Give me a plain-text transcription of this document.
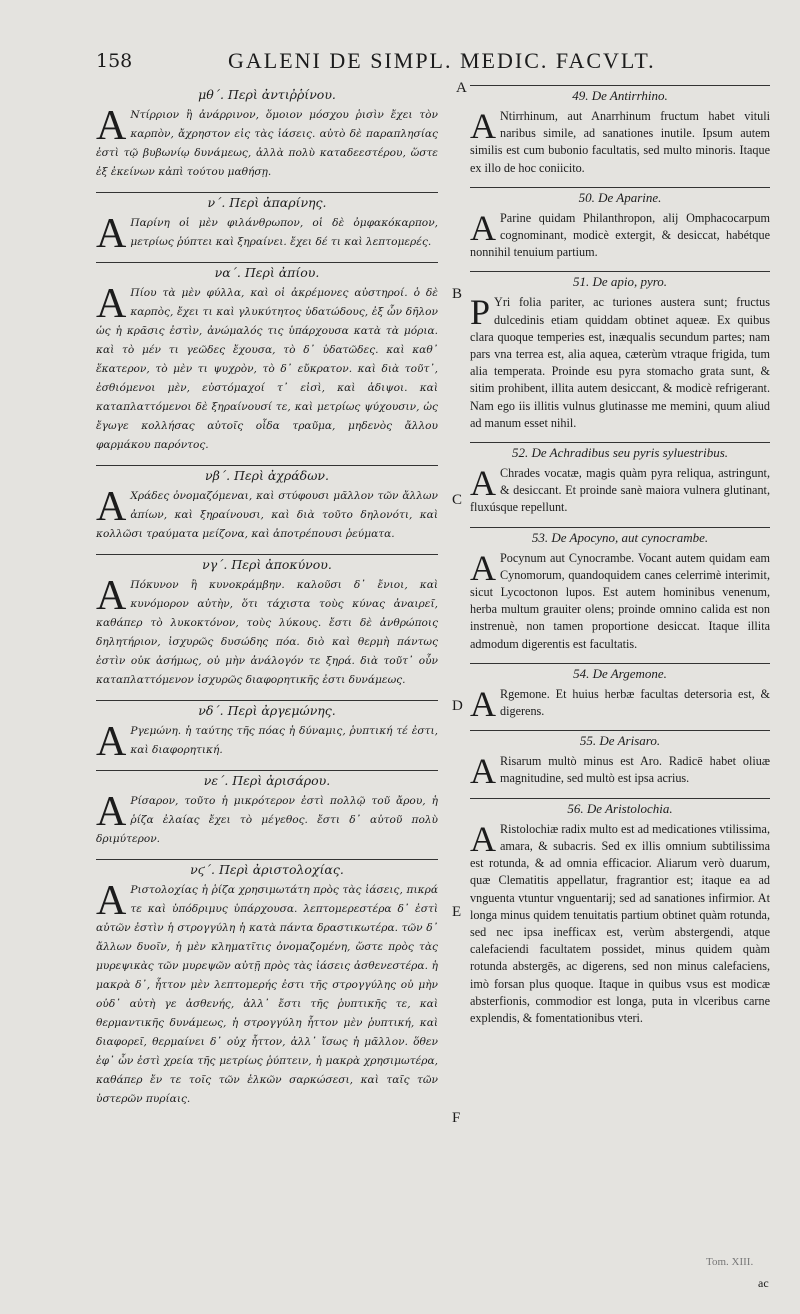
158	GALENI DE SIMPL. MEDIC. FACVLT.
A
B
C
D
E
F
μθ΄. Περὶ ἀντιῤῥίνου.
Α Ντίρριον ἢ ἀνάρρινον, ὅμοιον μόσχου ῥισὶν ἔχει τὸν καρπὸν, ἄχρηστον εἰς τὰς ἰάσεις. αὐτὸ δὲ παραπλησίας ἐστὶ τῷ βυβωνίῳ δυνάμεως, ἀλλὰ πολὺ καταδεεστέρου, ὥστε ἐξ ἐκείνων κἀπὶ τούτου μαθήσῃ.
ν΄. Περὶ ἀπαρίνης.
Α Παρίνη οἱ μὲν φιλάνθρωπον, οἱ δὲ ὀμφακόκαρπον, μετρίως ῥύπτει καὶ ξηραίνει. ἔχει δέ τι καὶ λεπτομερές.
να΄. Περὶ ἀπίου.
Α Πίου τὰ μὲν φύλλα, καὶ οἱ ἀκρέμονες αὐστηροί. ὁ δὲ καρπὸς, ἔχει τι καὶ γλυκύτητος ὑδατώδους, ἐξ ὧν δῆλον ὡς ἡ κρᾶσις ἐστὶν, ἀνώμαλός τις ὑπάρχουσα κατὰ τὰ μόρια. καὶ τὸ μέν τι γεῶδες ἔχουσα, τὸ δ᾽ ὑδατῶδες. καὶ καθ᾽ ἕκατερον, τὸ μὲν τι ψυχρὸν, τὸ δ᾽ εὔκρατον. καὶ διὰ τοῦτ᾽, ἐσθιόμενοι μὲν, εὐστόμαχοί τ᾽ εἰσὶ, καὶ ἀδιψοι. καὶ καταπλαττόμενοι δὲ ξηραίνουσί τε, καὶ μετρίως ψύχουσιν, ὡς ἔγωγε κολλήσας αὐτοῖς οἶδα τραῦμα, μηδενὸς ἄλλου φαρμάκου παρόντος.
νβ΄. Περὶ ἀχράδων.
Α Χράδες ὀνομαζόμεναι, καὶ στύφουσι μᾶλλον τῶν ἄλλων ἀπίων, καὶ ξηραίνουσι, καὶ διὰ τοῦτο δηλονότι, καὶ κολλῶσι τραύματα μείζονα, καὶ ἀποτρέπουσι ῥεύματα.
νγ΄. Περὶ ἀποκύνου.
Α Πόκυνον ἢ κυνοκράμβην. καλοῦσι δ᾽ ἔνιοι, καὶ κυνόμορον αὐτὴν, ὅτι τάχιστα τοὺς κύνας ἀναιρεῖ, καθάπερ τὸ λυκοκτόνον, τοὺς λύκους. ἔστι δὲ ἀνθρώποις δηλητήριον, ἰσχυρῶς δυσώδης πόα. διὸ καὶ θερμὴ πάντως ἐστὶν οὐκ ἀσήμως, οὐ μὴν ἀνάλογόν τε ξηρά. διὰ τοῦτ᾽ οὖν καταπλαττόμενον ἰσχυρῶς διαφορητικῆς ἐστι δυνάμεως.
νδ΄. Περὶ ἀργεμώνης.
Α Ργεμώνη. ἡ ταύτης τῆς πόας ἡ δύναμις, ῥυπτική τέ ἐστι, καὶ διαφορητική.
νε΄. Περὶ ἀρισάρου.
Α Ρίσαρον, τοῦτο ἡ μικρότερον ἐστὶ πολλῷ τοῦ ἄρου, ἡ ῥίζα ἐλαίας ἔχει τὸ μέγεθος. ἔστι δ᾽ αὐτοῦ πολὺ δριμύτερον.
νϛ΄. Περὶ ἀριστολοχίας.
Α Ριστολοχίας ἡ ῥίζα χρησιμωτάτη πρὸς τὰς ἰάσεις, πικρά τε καὶ ὑπόδριμυς ὑπάρχουσα. λεπτομερεστέρα δ᾽ ἐστὶ αὐτῶν ἐστὶν ἡ στρογγύλη ἡ κατὰ πάντα δραστικωτέρα. τῶν δ᾽ ἄλλων δυοῖν, ἡ μὲν κληματῖτις ὀνομαζομένη, ὥστε πρὸς τὰς μυρεψικὰς τῶν μυρεψῶν αὐτῇ πρὸς τὰς ἰάσεις ἀσθενεστέρα. ἡ μακρὰ δ᾽, ἧττον μὲν λεπτομερής ἐστι τῆς στρογγύλης οὐ μὴν οὐδ᾽ αὐτὴ γε ἀσθενής, ἀλλ᾽ ἔστι τῆς ῥυπτικῆς τε, καὶ θερμαντικῆς δυνάμεως, ἡ στρογγύλη ἧττον μὲν ῥυπτική, καὶ διαφορεῖ, θερμαίνει δ᾽ οὐχ ἧττον, ἀλλ᾽ ἴσως ἡ μᾶλλον. ὅθεν ἐφ᾽ ὧν ἐστὶ χρεία τῆς μετρίως ῥύπτειν, ἡ μακρὰ χρησιμωτέρα, καθάπερ ἔν τε τοῖς τῶν ἑλκῶν σαρκώσεσι, καὶ ταῖς τῶν ὑστερῶν πυρίαις.
49. De Antirrhino.
A Ntirrhinum, aut Anarrhinum fructum habet vituli naribus simile, ad sanationes inutile. Ipsum autem similis est cum bubonio facultatis, sed multo minoris. Itaque ex illo de hoc coniicito.
50. De Aparine.
A Parine quidam Philanthropon, alij Omphacocarpum cognominant, modicè extergit, & desiccat, habétque nonnihil tenuium partium.
51. De apio, pyro.
P Yri folia pariter, ac turiones austera sunt; fructus dulcedinis etiam quiddam obtinet aqueæ. Ex quibus clara quoque temperies est, inæqualis secundum partes; nam pars vna terrea est, alia aquea, cæterùm vtraque frigida, tum alia temperata. Proinde esu pyra stomacho grata sunt, & sitim prohibent, illita autem desiccant, & modicè refrigerant. Nam ego iis illitis vulnus glutinasse me memini, quum aliud ad manum esset nihil.
52. De Achradibus seu pyris syluestribus.
A Chrades vocatæ, magis quàm pyra reliqua, astringunt, & desiccant. Et proinde sanè maiora vulnera glutinant, fluxúsque repellunt.
53. De Apocyno, aut cynocrambe.
A Pocynum aut Cynocrambe. Vocant autem quidam eam Cynomorum, quandoquidem canes celerrimè interimit, sicut Lycoctonon lupos. Est autem hominibus venenum, herba multum grauiter olens; proinde omnino calida est non instrenuè, non tamen proportione desiccat. Itaque illita admodum digerentis est facultatis.
54. De Argemone.
A Rgemone. Et huius herbæ facultas detersoria est, & digerens.
55. De Arisaro.
A Risarum multò minus est Aro. Radicē habet oliuæ magnitudine, sed multò est ipsa acrius.
56. De Aristolochia.
A Ristolochiæ radix multo est ad medicationes vtilissima, amara, & subacris. Sed ex illis omnium subtilissima est rotunda, & ad omnia efficacior. Aliarum verò duarum, quæ Clematitis appellatur, fragrantior est; itaque ea ad vnguenta vtuntur vnguentarij; sed ad sanationes infirmior. At longa minus quidem tenuitatis partium obtinet quàm rotunda, sed nec ipsa inefficax est, verùm abstergendi, atque calefaciendi facultatem possidet, minus quidem quàm rotunda abstergēs, ac digerens, sed non minus calefaciens, imò forsan plus quoque. Itaque in quibus vsus est modicæ absterfionis, commodior est longa, puta in vlceribus carne explendis, & fomentationibus vteri.
Tom. XIII.
ac
